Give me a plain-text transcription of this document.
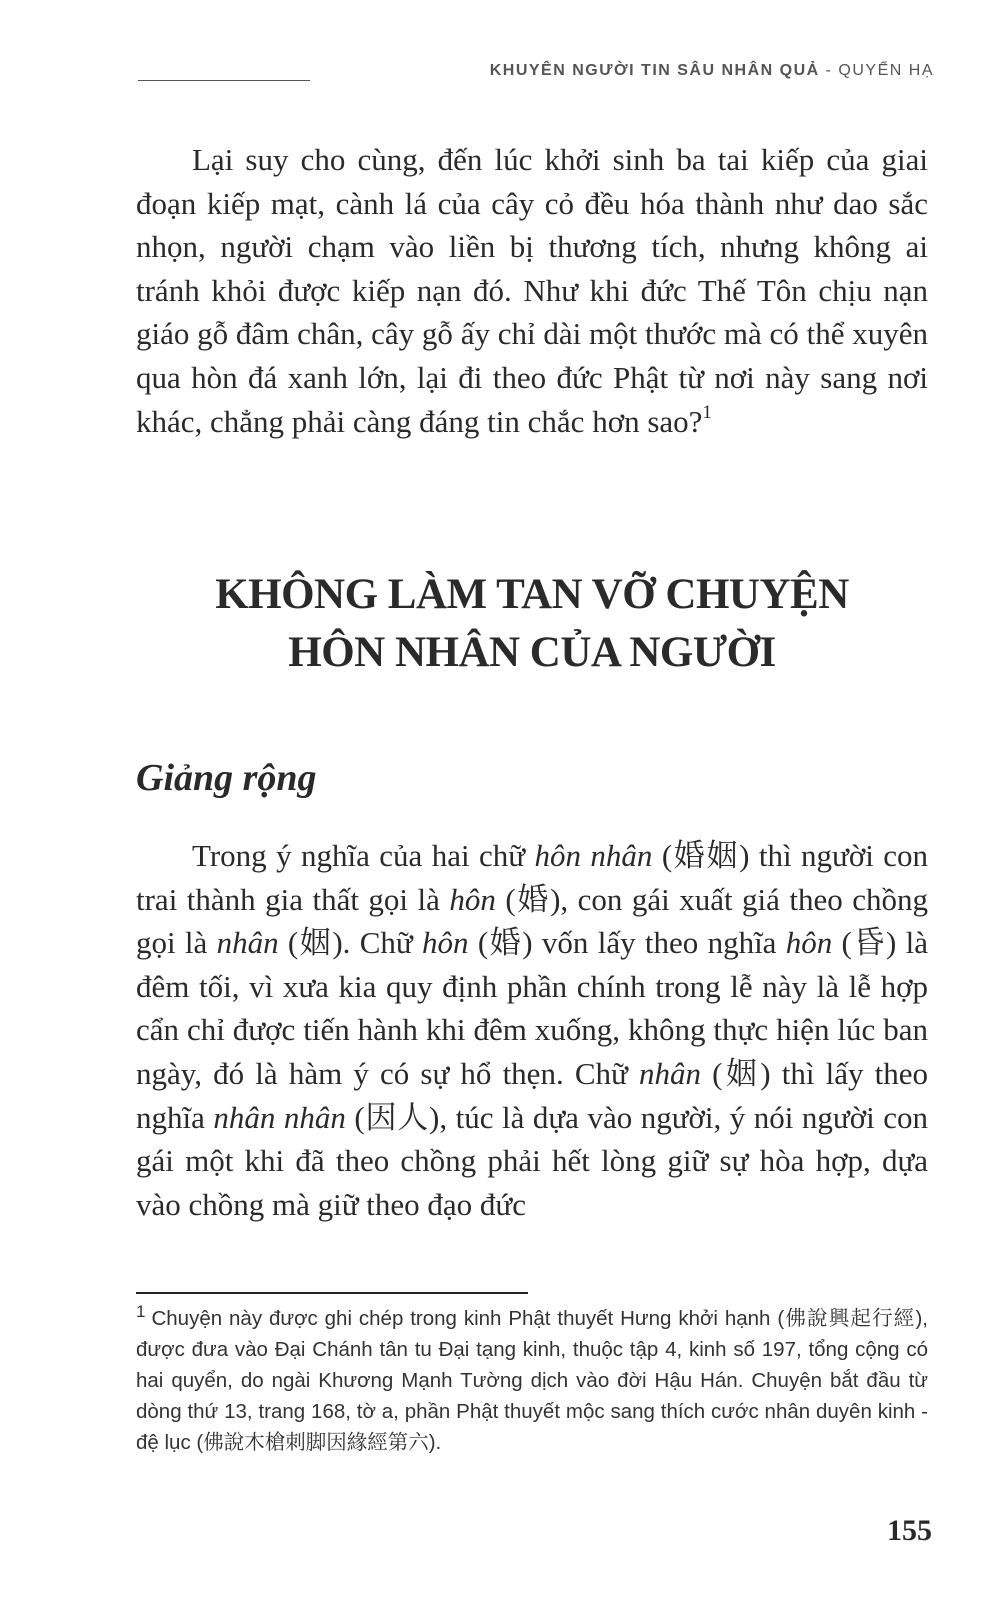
KHUYÊN NGƯỜI TIN SÂU NHÂN QUẢ - QUYỂN HẠ

Lại suy cho cùng, đến lúc khởi sinh ba tai kiếp của giai đoạn kiếp mạt, cành lá của cây cỏ đều hóa thành như dao sắc nhọn, người chạm vào liền bị thương tích, nhưng không ai tránh khỏi được kiếp nạn đó. Như khi đức Thế Tôn chịu nạn giáo gỗ đâm chân, cây gỗ ấy chỉ dài một thước mà có thể xuyên qua hòn đá xanh lớn, lại đi theo đức Phật từ nơi này sang nơi khác, chẳng phải càng đáng tin chắc hơn sao?$^1$

KHÔNG LÀM TAN VỠ CHUYỆN
HÔN NHÂN CỦA NGƯỜI
Giảng rộng

Trong ý nghĩa của hai chữ hôn nhân (婚姻) thì người con trai thành gia thất gọi là hôn (婚), con gái xuất giá theo chồng gọi là nhân (姻). Chữ hôn (婚) vốn lấy theo nghĩa hôn (昏) là đêm tối, vì xưa kia quy định phần chính trong lễ này là lễ hợp cẩn chỉ được tiến hành khi đêm xuống, không thực hiện lúc ban ngày, đó là hàm ý có sự hổ thẹn. Chữ nhân (姻) thì lấy theo nghĩa nhân nhân (因人), túc là dựa vào người, ý nói người con gái một khi đã theo chồng phải hết lòng giữ sự hòa hợp, dựa vào chồng mà giữ theo đạo đức

$^1$ Chuyện này được ghi chép trong kinh Phật thuyết Hưng khởi hạnh (佛說興起行經), được đưa vào Đại Chánh tân tu Đại tạng kinh, thuộc tập 4, kinh số 197, tổng cộng có hai quyển, do ngài Khương Mạnh Tường dịch vào đời Hậu Hán. Chuyện bắt đầu từ dòng thứ 13, trang 168, tờ a, phần Phật thuyết mộc sang thích cước nhân duyên kinh - đệ lục (佛說木槍刺脚因緣經第六).

155
